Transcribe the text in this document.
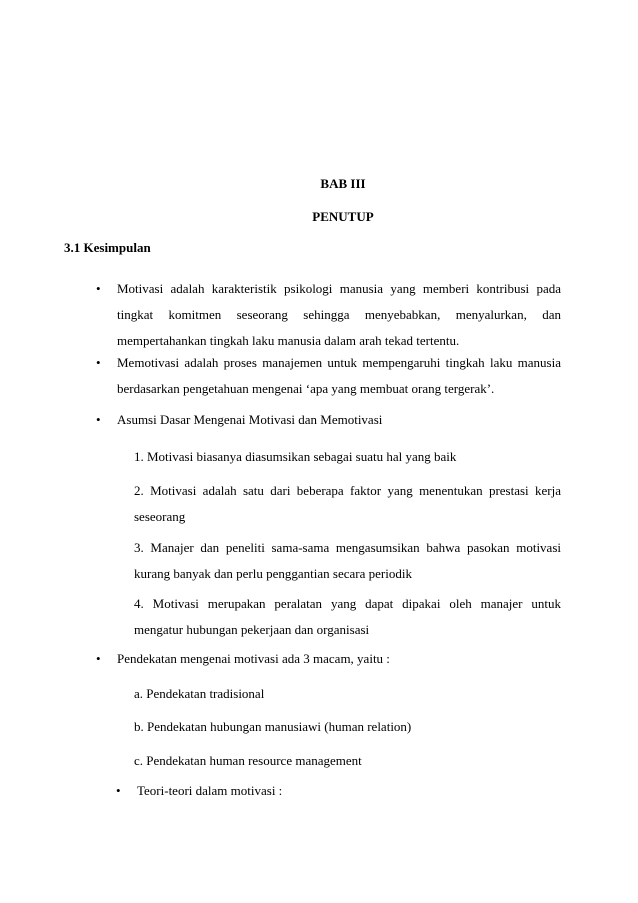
BAB III
PENUTUP
3.1 Kesimpulan
• Motivasi adalah karakteristik psikologi manusia yang memberi kontribusi pada
tingkat komitmen seseorang sehingga menyebabkan, menyalurkan, dan
mempertahankan tingkah laku manusia dalam arah tekad tertentu.
• Memotivasi adalah proses manajemen untuk mempengaruhi tingkah laku manusia
berdasarkan pengetahuan mengenai ‘apa yang membuat orang tergerak’.
• Asumsi Dasar Mengenai Motivasi dan Memotivasi
1. Motivasi biasanya diasumsikan sebagai suatu hal yang baik
2. Motivasi adalah satu dari beberapa faktor yang menentukan prestasi kerja
seseorang
3. Manajer dan peneliti sama-sama mengasumsikan bahwa pasokan motivasi
kurang banyak dan perlu penggantian secara periodik
4. Motivasi merupakan peralatan yang dapat dipakai oleh manajer untuk
mengatur hubungan pekerjaan dan organisasi
• Pendekatan mengenai motivasi ada 3 macam, yaitu :
a. Pendekatan tradisional
b. Pendekatan hubungan manusiawi (human relation)
c. Pendekatan human resource management
• Teori-teori dalam motivasi :
